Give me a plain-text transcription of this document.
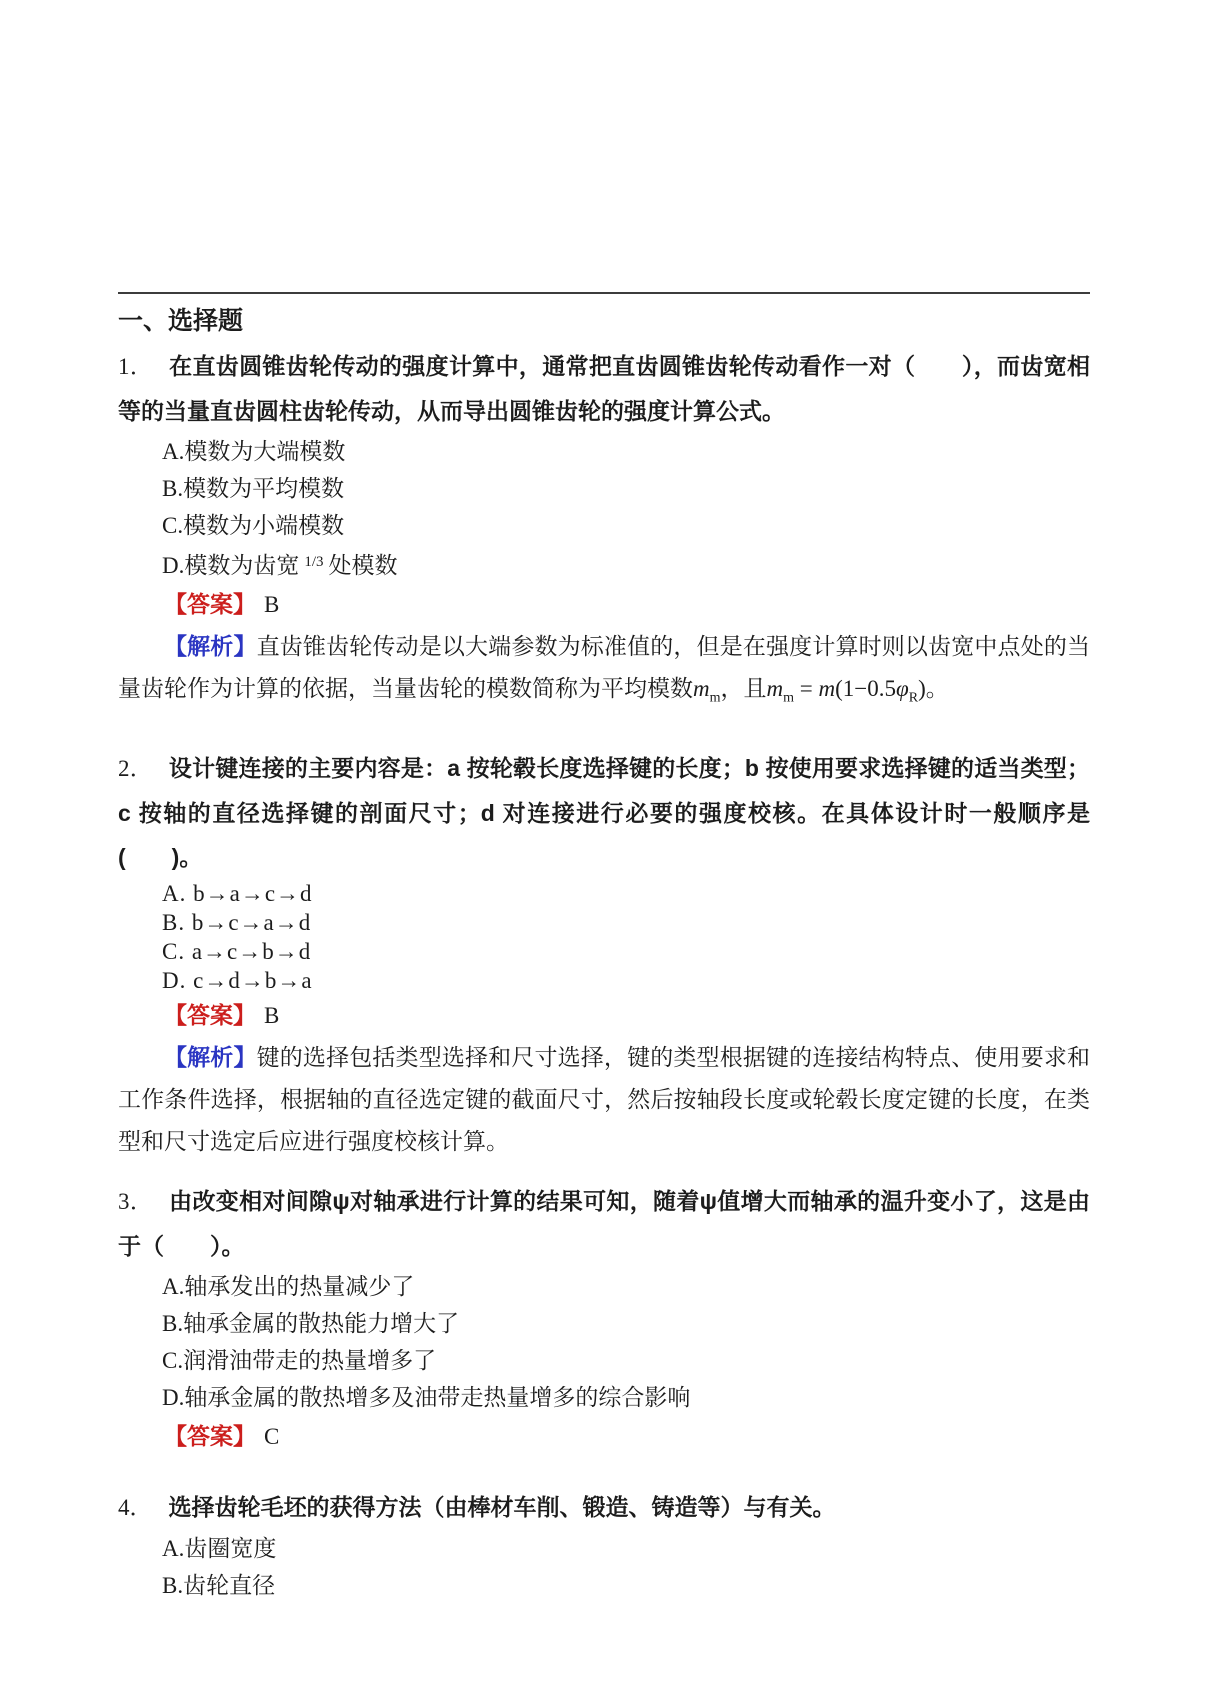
一、选择题

1． 在直齿圆锥齿轮传动的强度计算中，通常把直齿圆锥齿轮传动看作一对（　　），而齿宽相等的当量直齿圆柱齿轮传动，从而导出圆锥齿轮的强度计算公式。

A.模数为大端模数

B.模数为平均模数

C.模数为小端模数

D.模数为齿宽 $^{1/3}$ 处模数

【答案】 B

【解析】直齿锥齿轮传动是以大端参数为标准值的，但是在强度计算时则以齿宽中点处的当量齿轮作为计算的依据，当量齿轮的模数简称为平均模数$m_m$，且$m_m = m(1-0.5\varphi_R)$。

2． 设计键连接的主要内容是：a 按轮毂长度选择键的长度；b 按使用要求选择键的适当类型；c 按轴的直径选择键的剖面尺寸；d 对连接进行必要的强度校核。在具体设计时一般顺序是(　　)。

A. b→a→c→d

B. b→c→a→d

C. a→c→b→d

D. c→d→b→a

【答案】 B

【解析】键的选择包括类型选择和尺寸选择，键的类型根据键的连接结构特点、使用要求和工作条件选择，根据轴的直径选定键的截面尺寸，然后按轴段长度或轮毂长度定键的长度，在类型和尺寸选定后应进行强度校核计算。

3． 由改变相对间隙ψ对轴承进行计算的结果可知，随着ψ值增大而轴承的温升变小了，这是由于（　　）。

A.轴承发出的热量减少了

B.轴承金属的散热能力增大了

C.润滑油带走的热量增多了

D.轴承金属的散热增多及油带走热量增多的综合影响

【答案】 C

4． 选择齿轮毛坯的获得方法（由棒材车削、锻造、铸造等）与有关。

A.齿圈宽度

B.齿轮直径
